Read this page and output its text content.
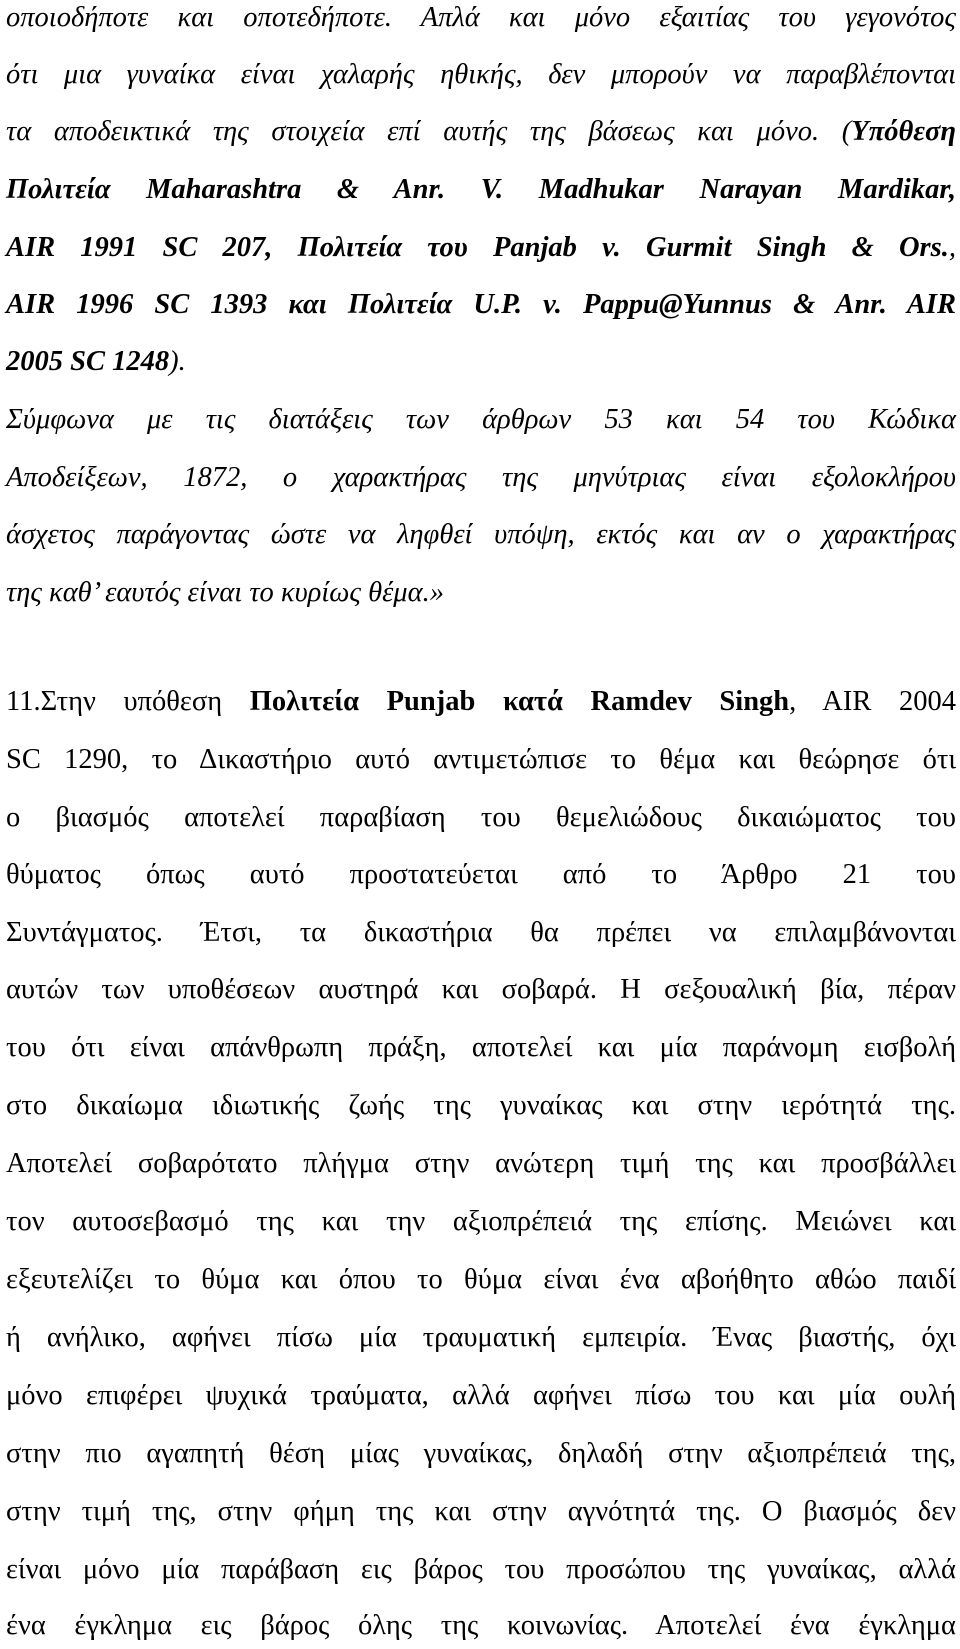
οποιοδήποτε και οποτεδήποτε. Απλά και μόνο εξαιτίας του γεγονότος
ότι μια γυναίκα είναι χαλαρής ηθικής, δεν μπορούν να παραβλέπονται
τα αποδεικτικά της στοιχεία επί αυτής της βάσεως και μόνο. (Υπόθεση
Πολιτεία Maharashtra & Anr. V. Madhukar Narayan Mardikar,
AIR 1991 SC 207, Πολιτεία του Panjab v. Gurmit Singh & Ors.,
AIR 1996 SC 1393 και Πολιτεία U.P. v. Pappu@Yunnus & Anr. AIR
2005 SC 1248).
Σύμφωνα με τις διατάξεις των άρθρων 53 και 54 του Κώδικα
Αποδείξεων, 1872, ο χαρακτήρας της μηνύτριας είναι εξολοκλήρου
άσχετος παράγοντας ώστε να ληφθεί υπόψη, εκτός και αν ο χαρακτήρας
της καθ’ εαυτός είναι το κυρίως θέμα.»
11.Στην υπόθεση Πολιτεία Punjab κατά Ramdev Singh, AIR 2004
SC 1290, το Δικαστήριο αυτό αντιμετώπισε το θέμα και θεώρησε ότι
ο βιασμός αποτελεί παραβίαση του θεμελιώδους δικαιώματος του
θύματος όπως αυτό προστατεύεται από το Άρθρο 21 του
Συντάγματος. Έτσι, τα δικαστήρια θα πρέπει να επιλαμβάνονται
αυτών των υποθέσεων αυστηρά και σοβαρά. Η σεξουαλική βία, πέραν
του ότι είναι απάνθρωπη πράξη, αποτελεί και μία παράνομη εισβολή
στο δικαίωμα ιδιωτικής ζωής της γυναίκας και στην ιερότητά της.
Αποτελεί σοβαρότατο πλήγμα στην ανώτερη τιμή της και προσβάλλει
τον αυτοσεβασμό της και την αξιοπρέπειά της επίσης. Μειώνει και
εξευτελίζει το θύμα και όπου το θύμα είναι ένα αβοήθητο αθώο παιδί
ή ανήλικο, αφήνει πίσω μία τραυματική εμπειρία. Ένας βιαστής, όχι
μόνο επιφέρει ψυχικά τραύματα, αλλά αφήνει πίσω του και μία ουλή
στην πιο αγαπητή θέση μίας γυναίκας, δηλαδή στην αξιοπρέπειά της,
στην τιμή της, στην φήμη της και στην αγνότητά της. Ο βιασμός δεν
είναι μόνο μία παράβαση εις βάρος του προσώπου της γυναίκας, αλλά
ένα έγκλημα εις βάρος όλης της κοινωνίας. Αποτελεί ένα έγκλημα
